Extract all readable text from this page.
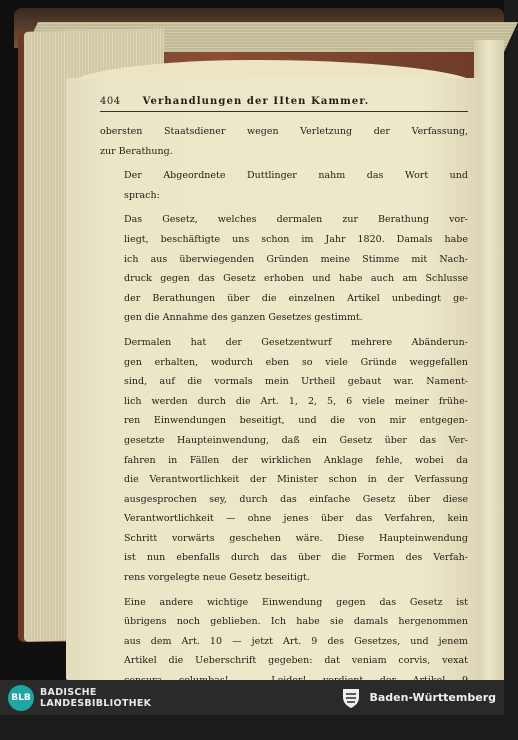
404 Verhandlungen der IIten Kammer.
obersten Staatsdiener wegen Verletzung der Verfassung,
zur Berathung.
Der Abgeordnete Duttlinger nahm das Wort und
sprach:
Das Gesetz, welches dermalen zur Berathung vor-
liegt, beschäftigte uns schon im Jahr 1820. Damals habe
ich aus überwiegenden Gründen meine Stimme mit Nach-
druck gegen das Gesetz erhoben und habe auch am Schlusse
der Berathungen über die einzelnen Artikel unbedingt ge-
gen die Annahme des ganzen Gesetzes gestimmt.
Dermalen hat der Gesetzentwurf mehrere Abänderun-
gen erhalten, wodurch eben so viele Gründe weggefallen
sind, auf die vormals mein Urtheil gebaut war. Nament-
lich werden durch die Art. 1, 2, 5, 6 viele meiner frühe-
ren Einwendungen beseitigt, und die von mir entgegen-
gesetzte Haupteinwendung, daß ein Gesetz über das Ver-
fahren in Fällen der wirklichen Anklage fehle, wobei da
die Verantwortlichkeit der Minister schon in der Verfassung
ausgesprochen sey, durch das einfache Gesetz über diese
Verantwortlichkeit — ohne jenes über das Verfahren, kein
Schritt vorwärts geschehen wäre. Diese Haupteinwendung
ist nun ebenfalls durch das über die Formen des Verfah-
rens vorgelegte neue Gesetz beseitigt.
Eine andere wichtige Einwendung gegen das Gesetz ist
übrigens noch geblieben. Ich habe sie damals hergenommen
aus dem Art. 10 — jetzt Art. 9 des Gesetzes, und jenem
Artikel die Ueberschrift gegeben: dat veniam corvis, vexat
Derselbe verordnet, daß die auf die Verletzung der
BLB BADISCHE
LANDESBIBLIOTHEK	Baden-Württemberg
